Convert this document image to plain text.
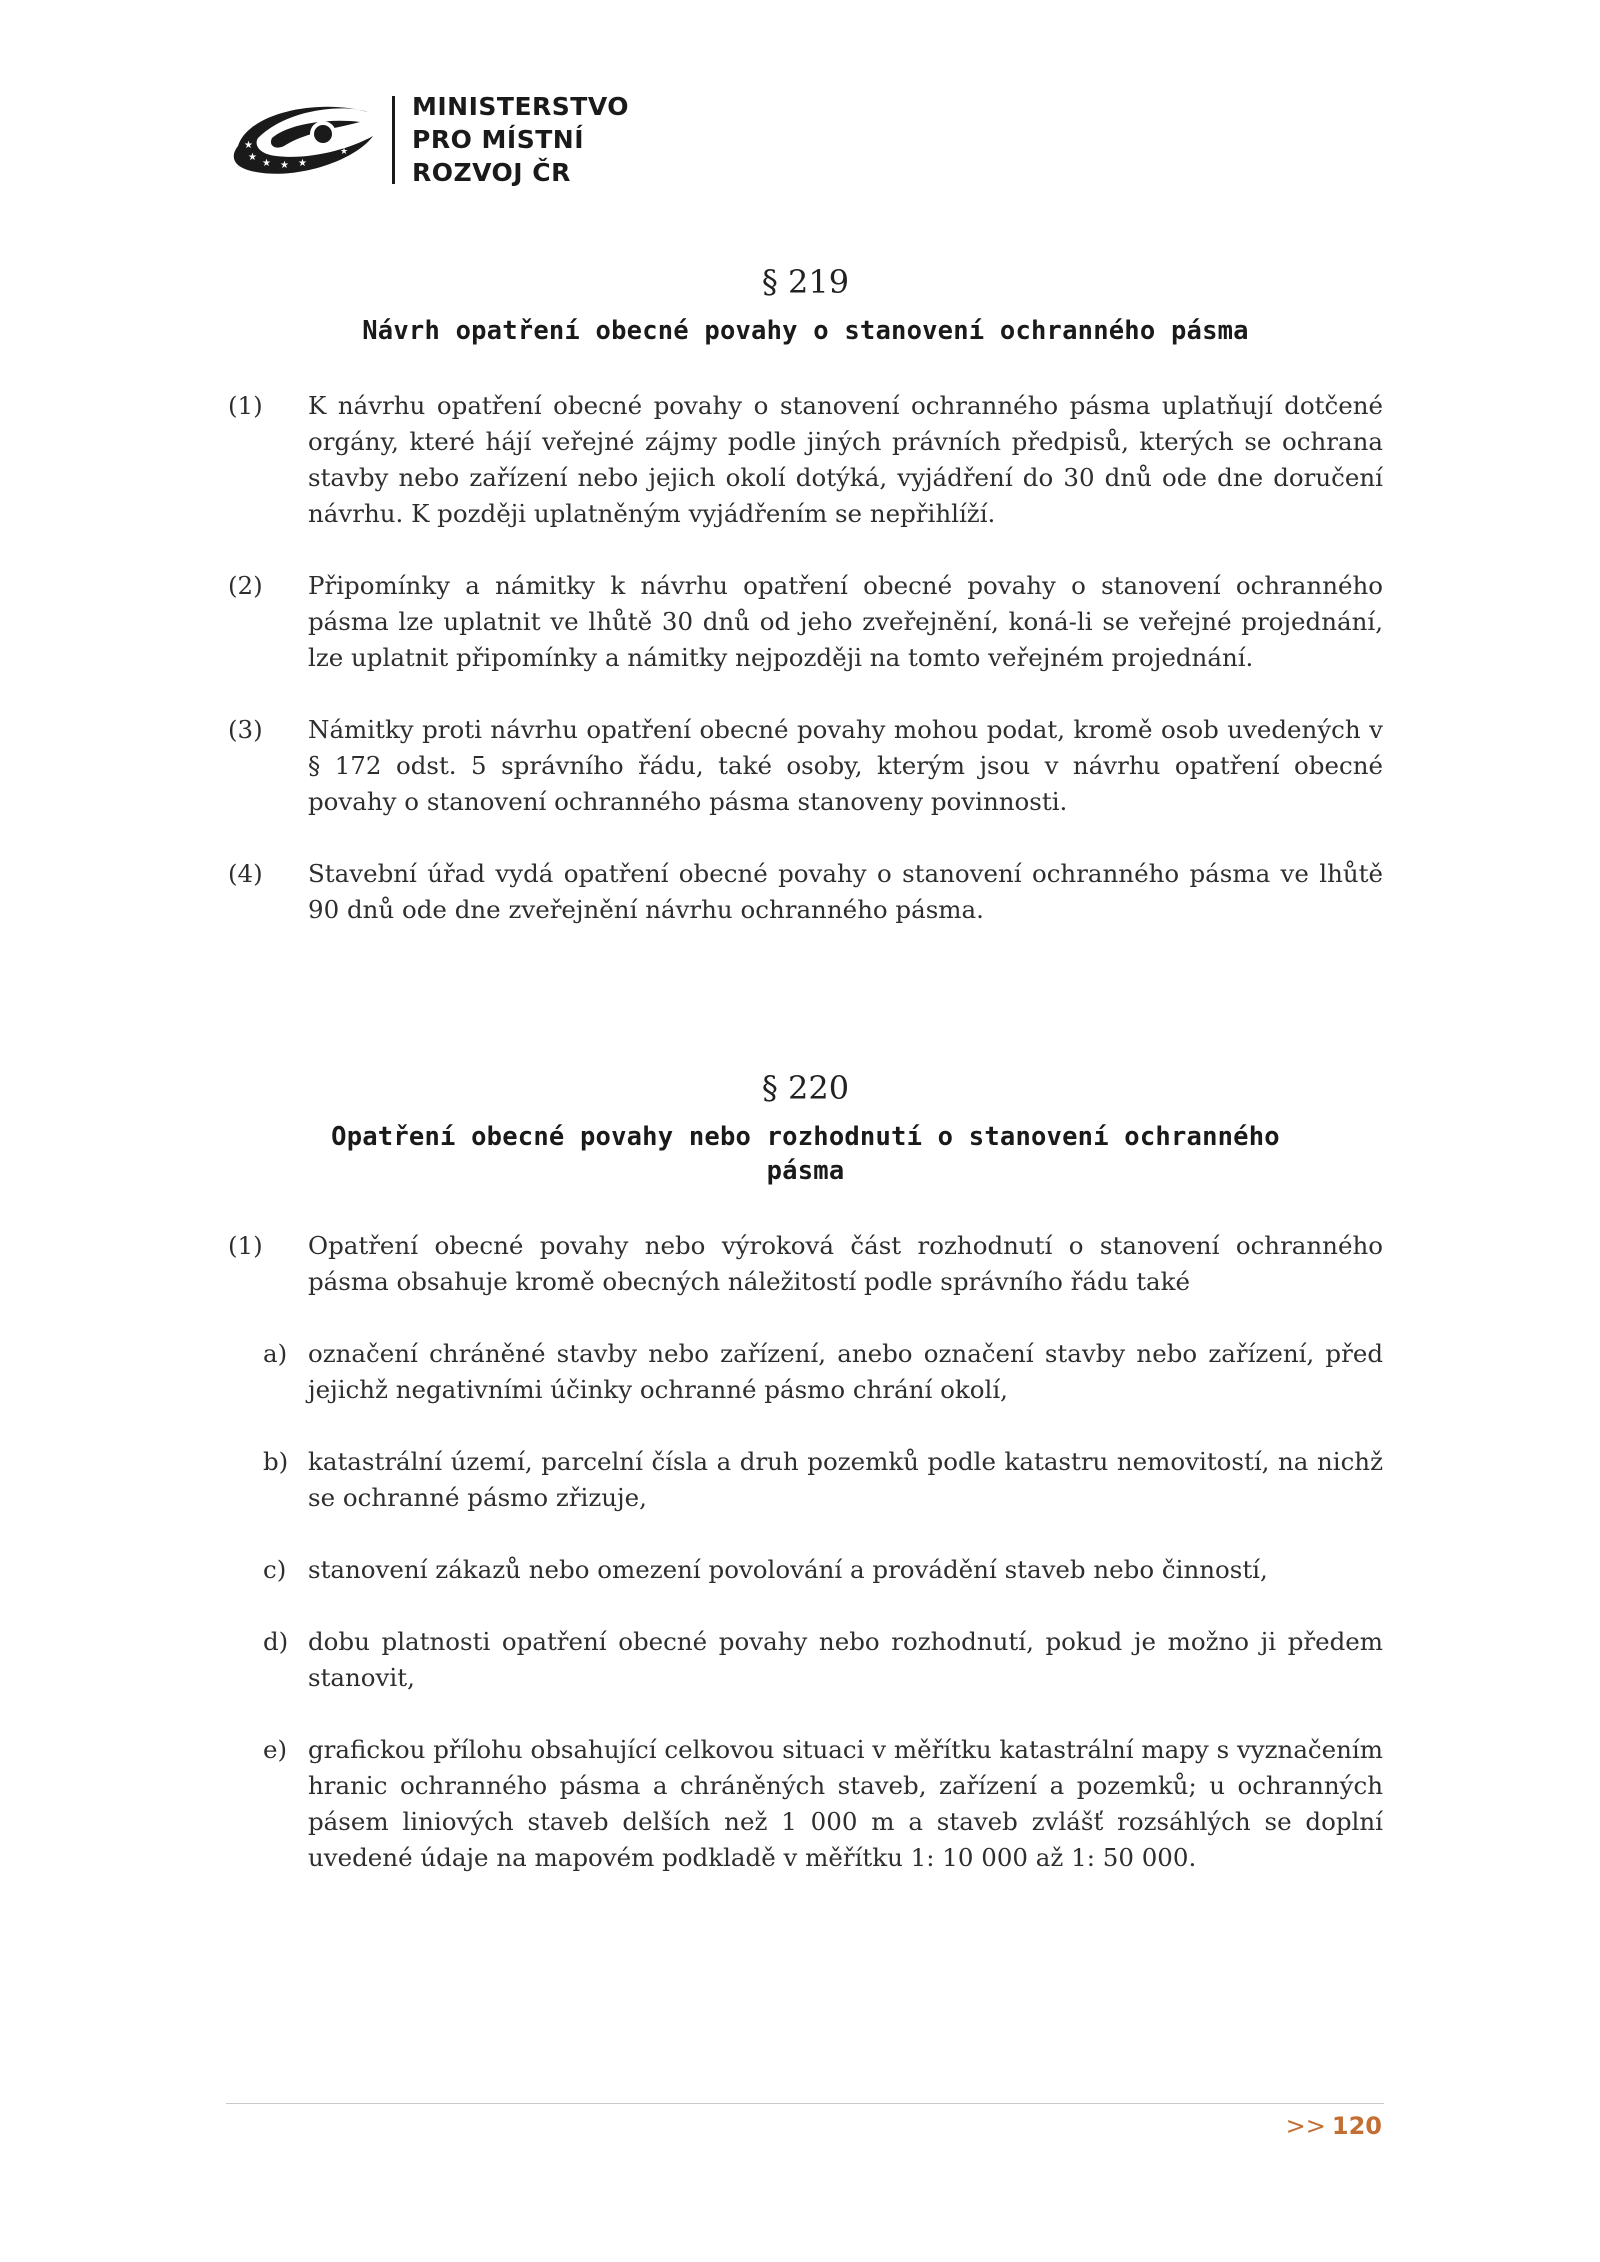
★
★ ★ ★
★
★
MINISTERSTVO
PRO MÍSTNÍ
ROZVOJ ČR
§ 219
Návrh opatření obecné povahy o stanovení ochranného pásma

(1) K návrhu opatření obecné povahy o stanovení ochranného pásma uplatňují dotčené orgány, které hájí veřejné zájmy podle jiných právních předpisů, kterých se ochrana stavby nebo zařízení nebo jejich okolí dotýká, vyjádření do 30 dnů ode dne doručení návrhu. K později uplatněným vyjádřením se nepřihlíží.

(2) Připomínky a námitky k návrhu opatření obecné povahy o stanovení ochranného pásma lze uplatnit ve lhůtě 30 dnů od jeho zveřejnění, koná-li se veřejné projednání, lze uplatnit připomínky a námitky nejpozději na tomto veřejném projednání.

(3) Námitky proti návrhu opatření obecné povahy mohou podat, kromě osob uvedených v § 172 odst. 5 správního řádu, také osoby, kterým jsou v návrhu opatření obecné povahy o stanovení ochranného pásma stanoveny povinnosti.

(4) Stavební úřad vydá opatření obecné povahy o stanovení ochranného pásma ve lhůtě 90 dnů ode dne zveřejnění návrhu ochranného pásma.

§ 220
Opatření obecné povahy nebo rozhodnutí o stanovení ochranného pásma

(1) Opatření obecné povahy nebo výroková část rozhodnutí o stanovení ochranného pásma obsahuje kromě obecných náležitostí podle správního řádu také

a) označení chráněné stavby nebo zařízení, anebo označení stavby nebo zařízení, před jejichž negativními účinky ochranné pásmo chrání okolí,

b) katastrální území, parcelní čísla a druh pozemků podle katastru nemovitostí, na nichž se ochranné pásmo zřizuje,

c) stanovení zákazů nebo omezení povolování a provádění staveb nebo činností,

d) dobu platnosti opatření obecné povahy nebo rozhodnutí, pokud je možno ji předem stanovit,

e) grafickou přílohu obsahující celkovou situaci v měřítku katastrální mapy s vyznačením hranic ochranného pásma a chráněných staveb, zařízení a pozemků; u ochranných pásem liniových staveb delších než 1 000 m a staveb zvlášť rozsáhlých se doplní uvedené údaje na mapovém podkladě v měřítku 1: 10 000 až 1: 50 000.

>> 120
